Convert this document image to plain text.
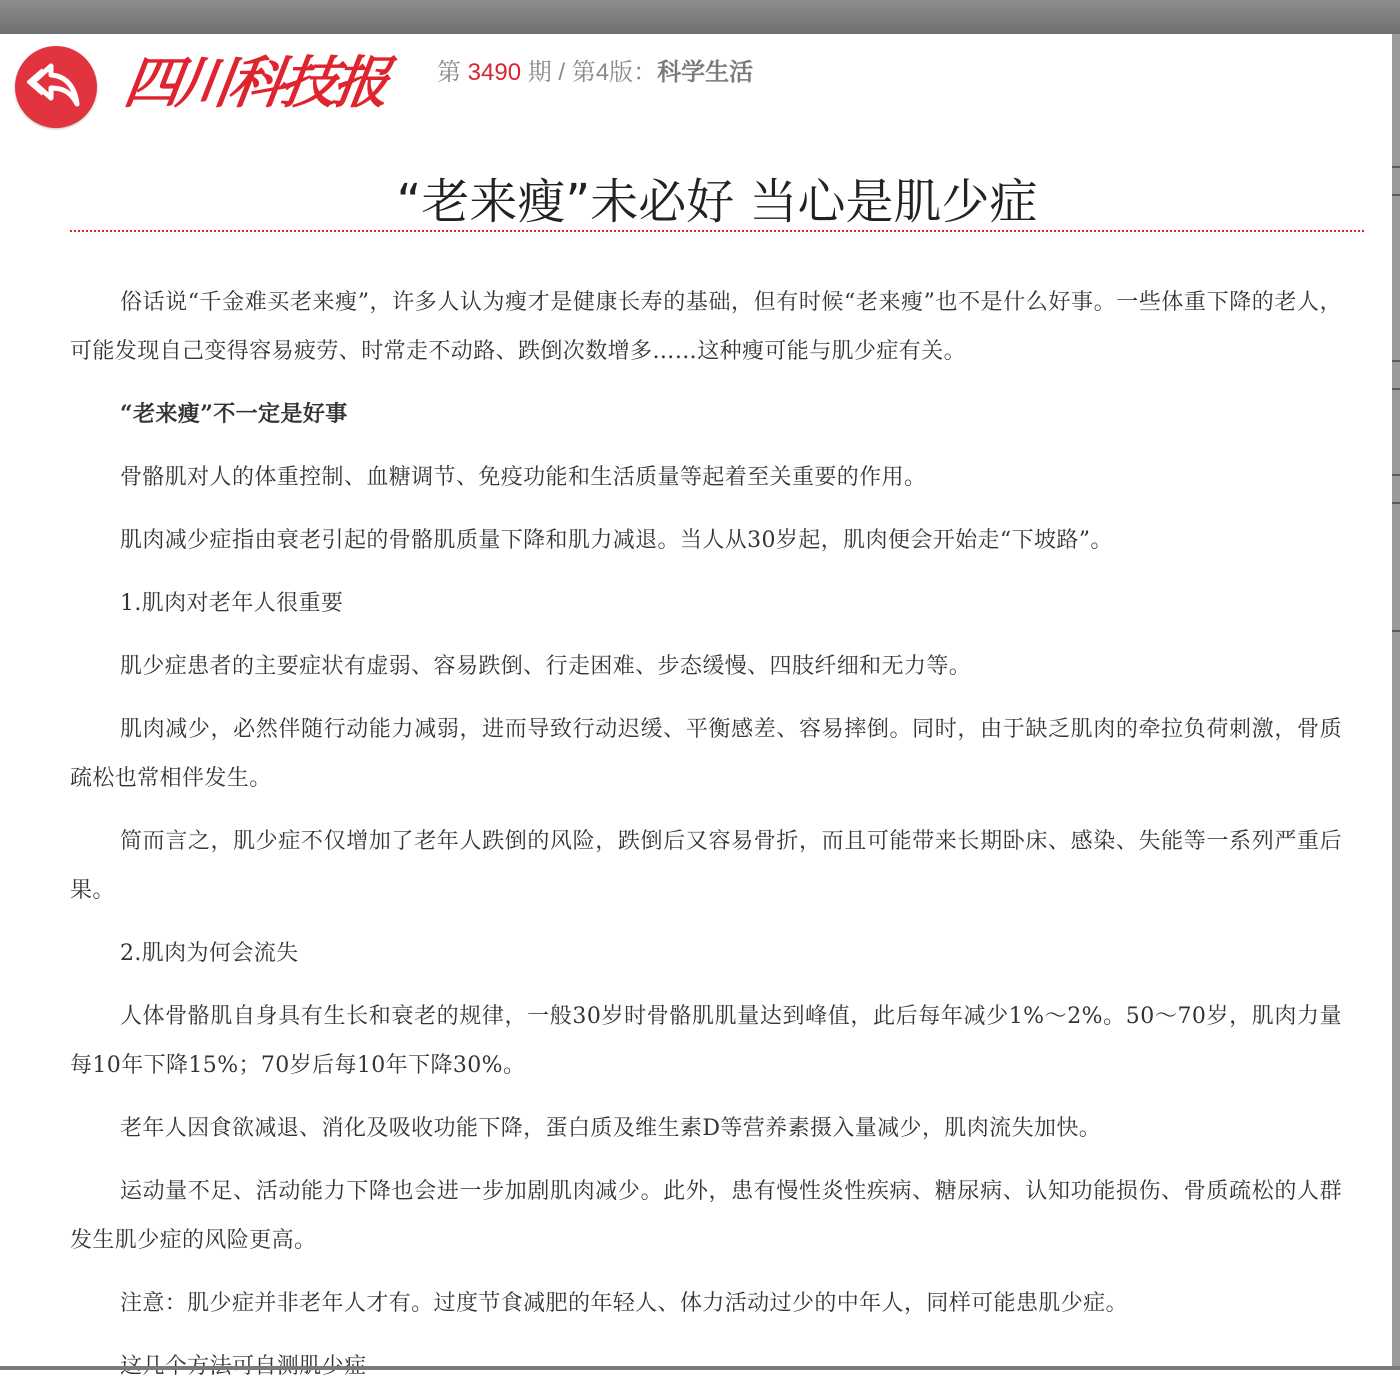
四川科技报	第 3490 期 / 第4版：科学生活
“老来瘦”未必好 当心是肌少症

俗话说“千金难买老来瘦”，许多人认为瘦才是健康长寿的基础，但有时候“老来瘦”也不是什么好事。一些体重下降的老人，可能发现自己变得容易疲劳、时常走不动路、跌倒次数增多……这种瘦可能与肌少症有关。

“老来瘦”不一定是好事

骨骼肌对人的体重控制、血糖调节、免疫功能和生活质量等起着至关重要的作用。

肌肉减少症指由衰老引起的骨骼肌质量下降和肌力减退。当人从30岁起，肌肉便会开始走“下坡路”。

1.肌肉对老年人很重要

肌少症患者的主要症状有虚弱、容易跌倒、行走困难、步态缓慢、四肢纤细和无力等。

肌肉减少，必然伴随行动能力减弱，进而导致行动迟缓、平衡感差、容易摔倒。同时，由于缺乏肌肉的牵拉负荷刺激，骨质疏松也常相伴发生。

简而言之，肌少症不仅增加了老年人跌倒的风险，跌倒后又容易骨折，而且可能带来长期卧床、感染、失能等一系列严重后果。

2.肌肉为何会流失

人体骨骼肌自身具有生长和衰老的规律，一般30岁时骨骼肌肌量达到峰值，此后每年减少1%～2%。50～70岁，肌肉力量每10年下降15%；70岁后每10年下降30%。

老年人因食欲减退、消化及吸收功能下降，蛋白质及维生素D等营养素摄入量减少，肌肉流失加快。

运动量不足、活动能力下降也会进一步加剧肌肉减少。此外，患有慢性炎性疾病、糖尿病、认知功能损伤、骨质疏松的人群发生肌少症的风险更高。

注意：肌少症并非老年人才有。过度节食减肥的年轻人、体力活动过少的中年人，同样可能患肌少症。
